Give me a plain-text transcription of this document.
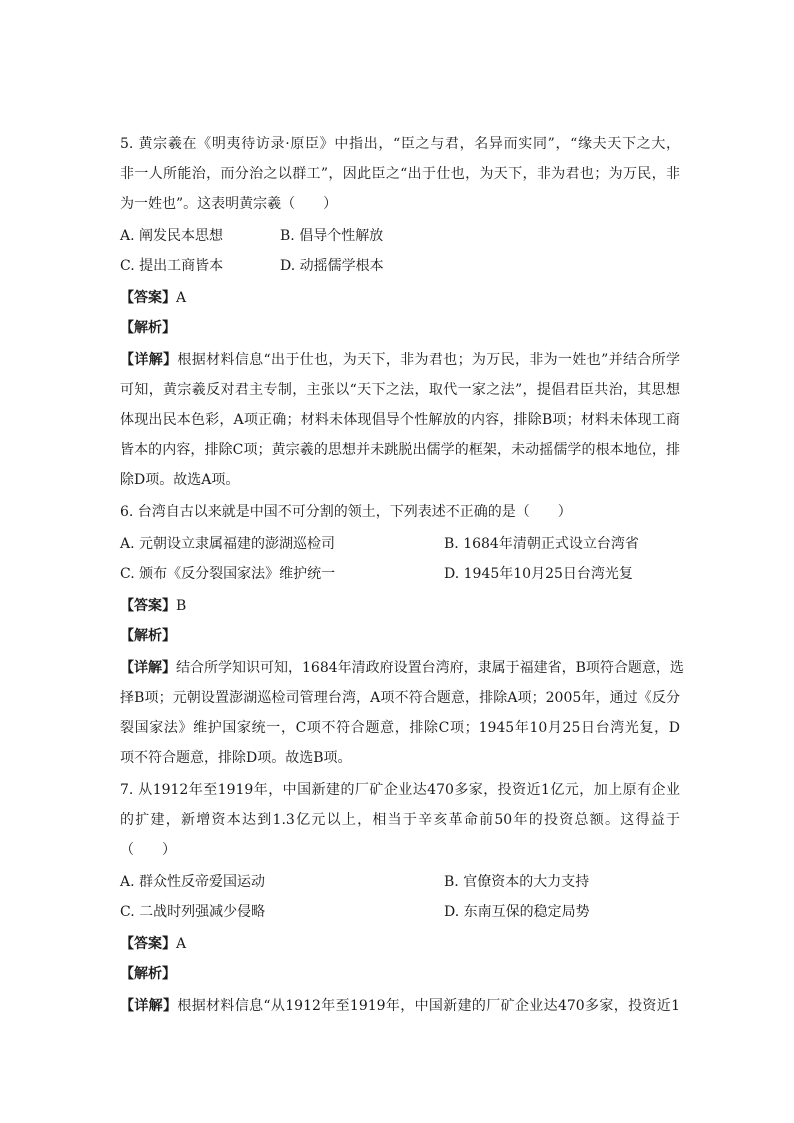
5. 黄宗羲在《明夷待访录·原臣》中指出，“臣之与君，名异而实同”，“缘夫天下之大，
非一人所能治，而分治之以群工”，因此臣之“出于仕也，为天下，非为君也；为万民，非
为一姓也”。这表明黄宗羲（　　）
A. 阐发民本思想	B. 倡导个性解放
C. 提出工商皆本	D. 动摇儒学根本
【答案】A
【解析】
【详解】根据材料信息“出于仕也，为天下，非为君也；为万民，非为一姓也”并结合所学
可知，黄宗羲反对君主专制，主张以“天下之法，取代一家之法”，提倡君臣共治，其思想
体现出民本色彩，A项正确；材料未体现倡导个性解放的内容，排除B项；材料未体现工商
皆本的内容，排除C项；黄宗羲的思想并未跳脱出儒学的框架，未动摇儒学的根本地位，排
除D项。故选A项。
6. 台湾自古以来就是中国不可分割的领土，下列表述不正确的是（　　）
A. 元朝设立隶属福建的澎湖巡检司	B. 1684年清朝正式设立台湾省
C. 颁布《反分裂国家法》维护统一	D. 1945年10月25日台湾光复
【答案】B
【解析】
【详解】结合所学知识可知，1684年清政府设置台湾府，隶属于福建省，B项符合题意，选
择B项；元朝设置澎湖巡检司管理台湾，A项不符合题意，排除A项；2005年，通过《反分
裂国家法》维护国家统一，C项不符合题意，排除C项；1945年10月25日台湾光复，D
项不符合题意，排除D项。故选B项。
7. 从1912年至1919年，中国新建的厂矿企业达470多家，投资近1亿元，加上原有企业
的扩建，新增资本达到1.3亿元以上，相当于辛亥革命前50年的投资总额。这得益于
（　　）
A. 群众性反帝爱国运动	B. 官僚资本的大力支持
C. 二战时列强减少侵略	D. 东南互保的稳定局势
【答案】A
【解析】
【详解】根据材料信息“从1912年至1919年，中国新建的厂矿企业达470多家，投资近1
